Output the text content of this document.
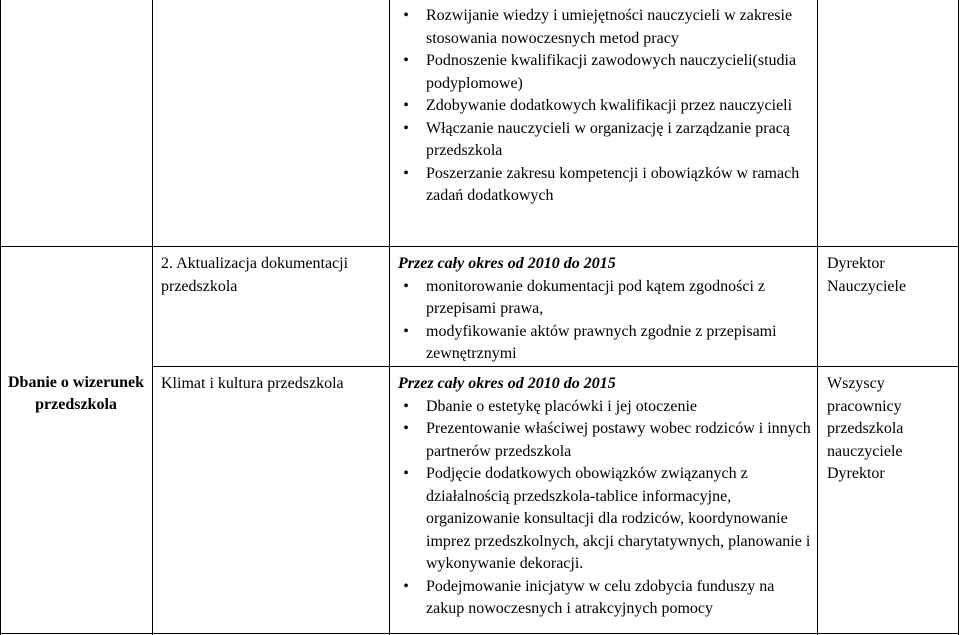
• Rozwijanie wiedzy i umiejętności nauczycieli w zakresie stosowania nowoczesnych metod pracy
• Podnoszenie kwalifikacji zawodowych nauczycieli(studia podyplomowe)
• Zdobywanie dodatkowych kwalifikacji przez nauczycieli
• Włączanie nauczycieli w organizację i zarządzanie pracą przedszkola
• Poszerzanie zakresu kompetencji i obowiązków w ramach zadań dodatkowych
2. Aktualizacja dokumentacji przedszkola
Przez cały okres od 2010 do 2015
• monitorowanie dokumentacji pod kątem zgodności z przepisami prawa,
• modyfikowanie aktów prawnych zgodnie z przepisami zewnętrznymi
Dyrektor
Nauczyciele
Dbanie o wizerunek przedszkola
Klimat i kultura przedszkola	Przez cały okres od 2010 do 2015
• Dbanie o estetykę placówki i jej otoczenie
• Prezentowanie właściwej postawy wobec rodziców i innych partnerów przedszkola
• Podjęcie dodatkowych obowiązków związanych z działalnością przedszkola-tablice informacyjne, organizowanie konsultacji dla rodziców, koordynowanie imprez przedszkolnych, akcji charytatywnych, planowanie i wykonywanie dekoracji.
• Podejmowanie inicjatyw w celu zdobycia funduszy na zakup nowoczesnych i atrakcyjnych pomocy
Wszyscy pracownicy przedszkola
nauczyciele
Dyrektor
